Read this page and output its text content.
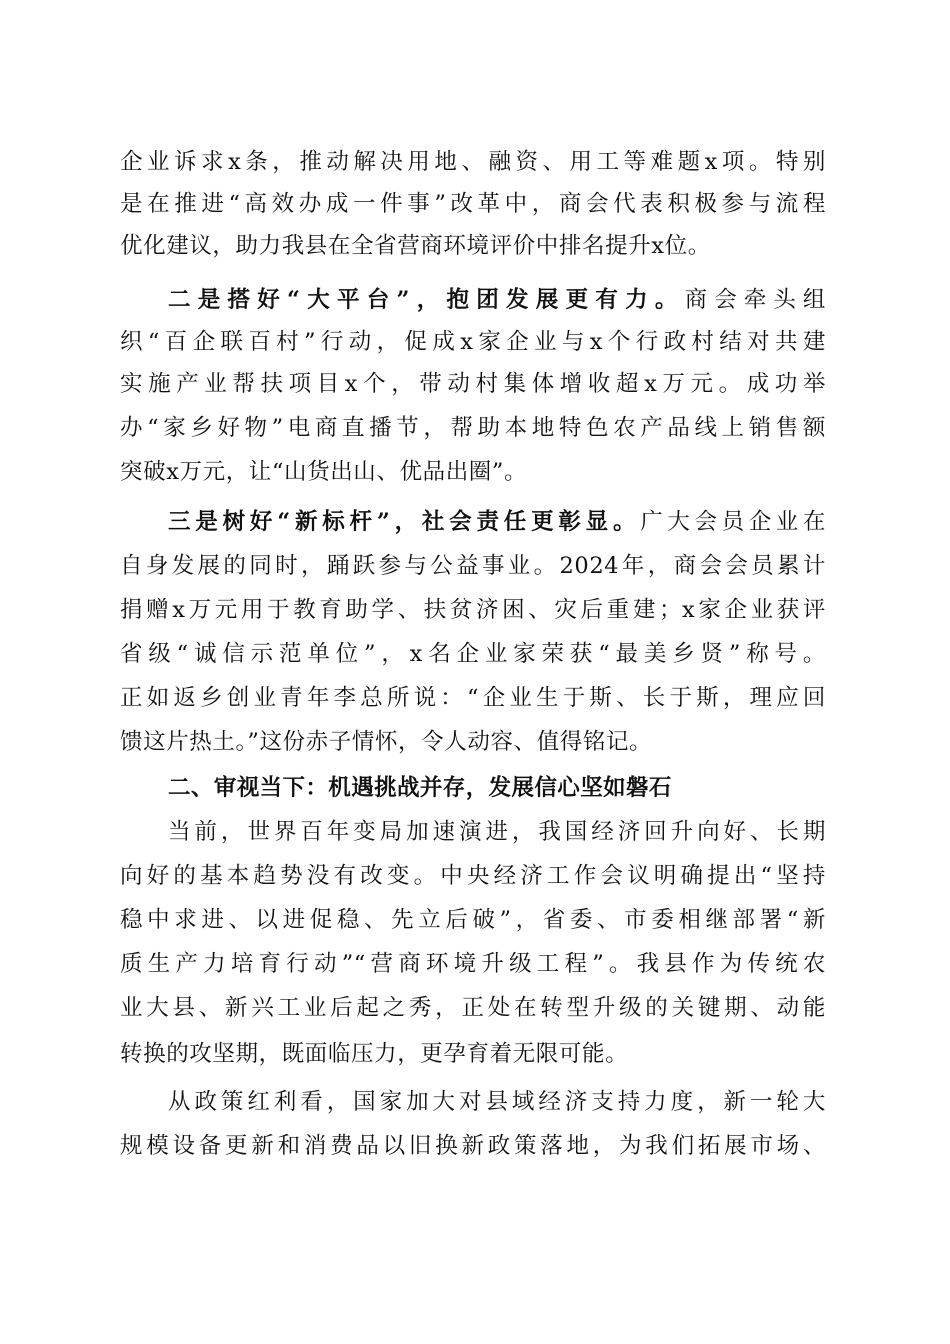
企业诉求x条，推动解决用地、融资、用工等难题x项。特别
是在推进“高效办成一件事”改革中，商会代表积极参与流程
优化建议，助力我县在全省营商环境评价中排名提升x位。
二是搭好“大平台”，抱团发展更有力。商会牵头组
织“百企联百村”行动，促成x家企业与x个行政村结对共建
实施产业帮扶项目x个，带动村集体增收超x万元。成功举
办“家乡好物”电商直播节，帮助本地特色农产品线上销售额
突破x万元，让“山货出山、优品出圈”。
三是树好“新标杆”，社会责任更彰显。广大会员企业在
自身发展的同时，踊跃参与公益事业。2024年，商会会员累计
捐赠x万元用于教育助学、扶贫济困、灾后重建；x家企业获评
省级“诚信示范单位”，x名企业家荣获“最美乡贤”称号。
正如返乡创业青年李总所说：“企业生于斯、长于斯，理应回
馈这片热土。”这份赤子情怀，令人动容、值得铭记。
二、审视当下：机遇挑战并存，发展信心坚如磐石
当前，世界百年变局加速演进，我国经济回升向好、长期
向好的基本趋势没有改变。中央经济工作会议明确提出“坚持
稳中求进、以进促稳、先立后破”，省委、市委相继部署“新
质生产力培育行动”“营商环境升级工程”。我县作为传统农
业大县、新兴工业后起之秀，正处在转型升级的关键期、动能
转换的攻坚期，既面临压力，更孕育着无限可能。
从政策红利看，国家加大对县域经济支持力度，新一轮大
规模设备更新和消费品以旧换新政策落地，为我们拓展市场、
